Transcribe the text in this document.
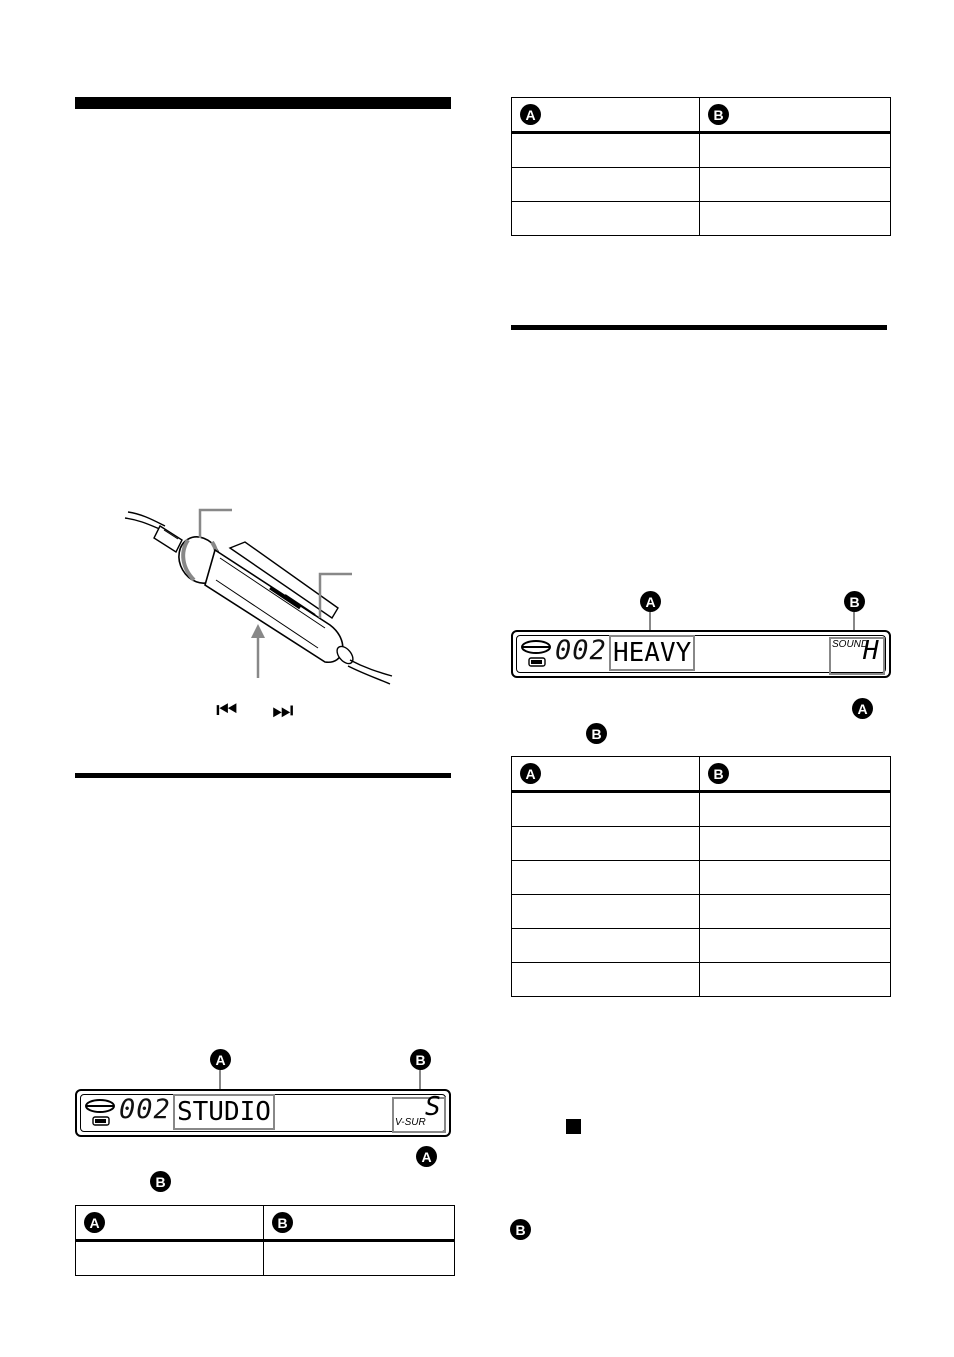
⏮ ⏭
A	B
002 STUDIO	V-SUR
S
A
B
A	B

A	B

A	B
002 HEAVY	SOUND
H
A
B
A	B

B
